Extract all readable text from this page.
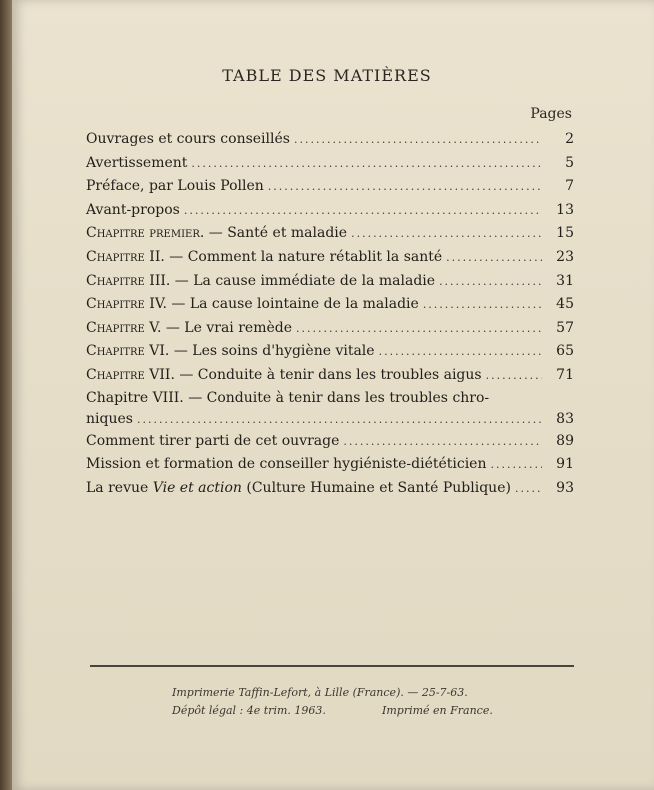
TABLE DES MATIÈRES
Pages
Ouvrages et cours conseillés .....	2
Avertissement .....	5
Préface, par Louis Pollen .....	7
Avant-propos .....	13
Chapitre premier. — Santé et maladie .....	15
Chapitre II. — Comment la nature rétablit la santé .....	23
Chapitre III. — La cause immédiate de la maladie .....	31
Chapitre IV. — La cause lointaine de la maladie .....	45
Chapitre V. — Le vrai remède .....	57
Chapitre VI. — Les soins d'hygiène vitale .....	65
Chapitre VII. — Conduite à tenir dans les troubles aigus .....	71
Chapitre VIII. — Conduite à tenir dans les troubles chro-
niques .....	83
Comment tirer parti de cet ouvrage .....	89
Mission et formation de conseiller hygiéniste-diététicien .....	91
La revue Vie et action (Culture Humaine et Santé Publique) .....	93
Imprimerie Taffin-Lefort, à Lille (France). — 25-7-63.
Dépôt légal : 4e trim. 1963.	Imprimé en France.
